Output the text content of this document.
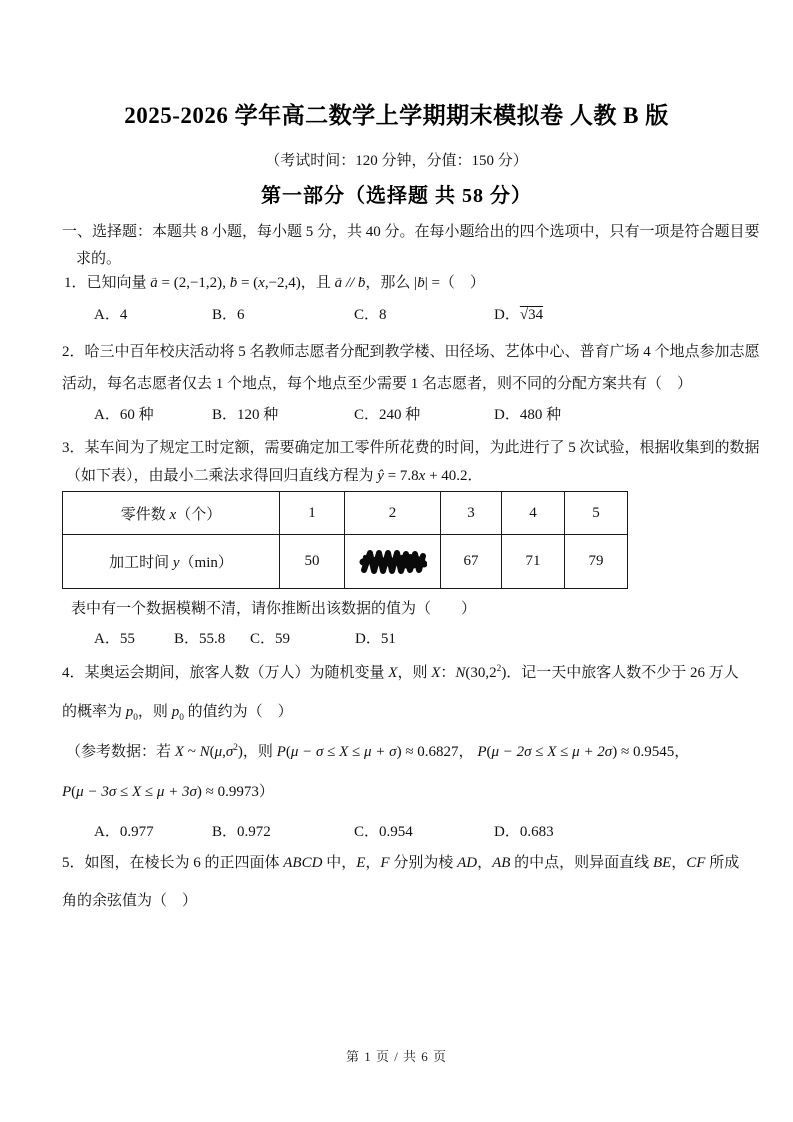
2025-2026 学年高二数学上学期期末模拟卷 人教 B 版
（考试时间：120 分钟，分值：150 分）
第一部分（选择题 共 58 分）
一、选择题：本题共 8 小题，每小题 5 分，共 40 分。在每小题给出的四个选项中，只有一项是符合题目要
求的。
1．已知向量 a → = (2,−1,2), b → = (x,−2,4)，且 a → // b →，那么 |b →| =（　）
A．4	B．6	C．8	D． √ 34
2．哈三中百年校庆活动将 5 名教师志愿者分配到教学楼、田径场、艺体中心、普育广场 4 个地点参加志愿
活动，每名志愿者仅去 1 个地点，每个地点至少需要 1 名志愿者，则不同的分配方案共有（　）
A．60 种	B．120 种	C．240 种	D．480 种
3．某车间为了规定工时定额，需要确定加工零件所花费的时间，为此进行了 5 次试验，根据收集到的数据
（如下表），由最小二乘法求得回归直线方程为 ŷ = 7.8x + 40.2．
零件数 x（个）	1	2	3	4	5
加工时间 y（min）	50		67	71	79
表中有一个数据模糊不清，请你推断出该数据的值为（　　）
A．55	B．55.8 C．59	D．51
4．某奥运会期间，旅客人数（万人）为随机变量 X，则 X：N(30,2$^2$)．记一天中旅客人数不少于 26 万人
的概率为 $p_0$，则 $p_0$ 的值约为（　）
（参考数据：若 X ~ $N(\mu,\sigma^2)$，则 P(μ − σ ≤ X ≤ μ + σ) ≈ 0.6827， P(μ − 2σ ≤ X ≤ μ + 2σ) ≈ 0.9545，
P(μ − 3σ ≤ X ≤ μ + 3σ) ≈ 0.9973）
A．0.977	B．0.972	C．0.954	D．0.683
5．如图，在棱长为 6 的正四面体 ABCD 中，E，F 分别为棱 AD，AB 的中点，则异面直线 BE，CF 所成
角的余弦值为（　）
第 1 页 / 共 6 页
